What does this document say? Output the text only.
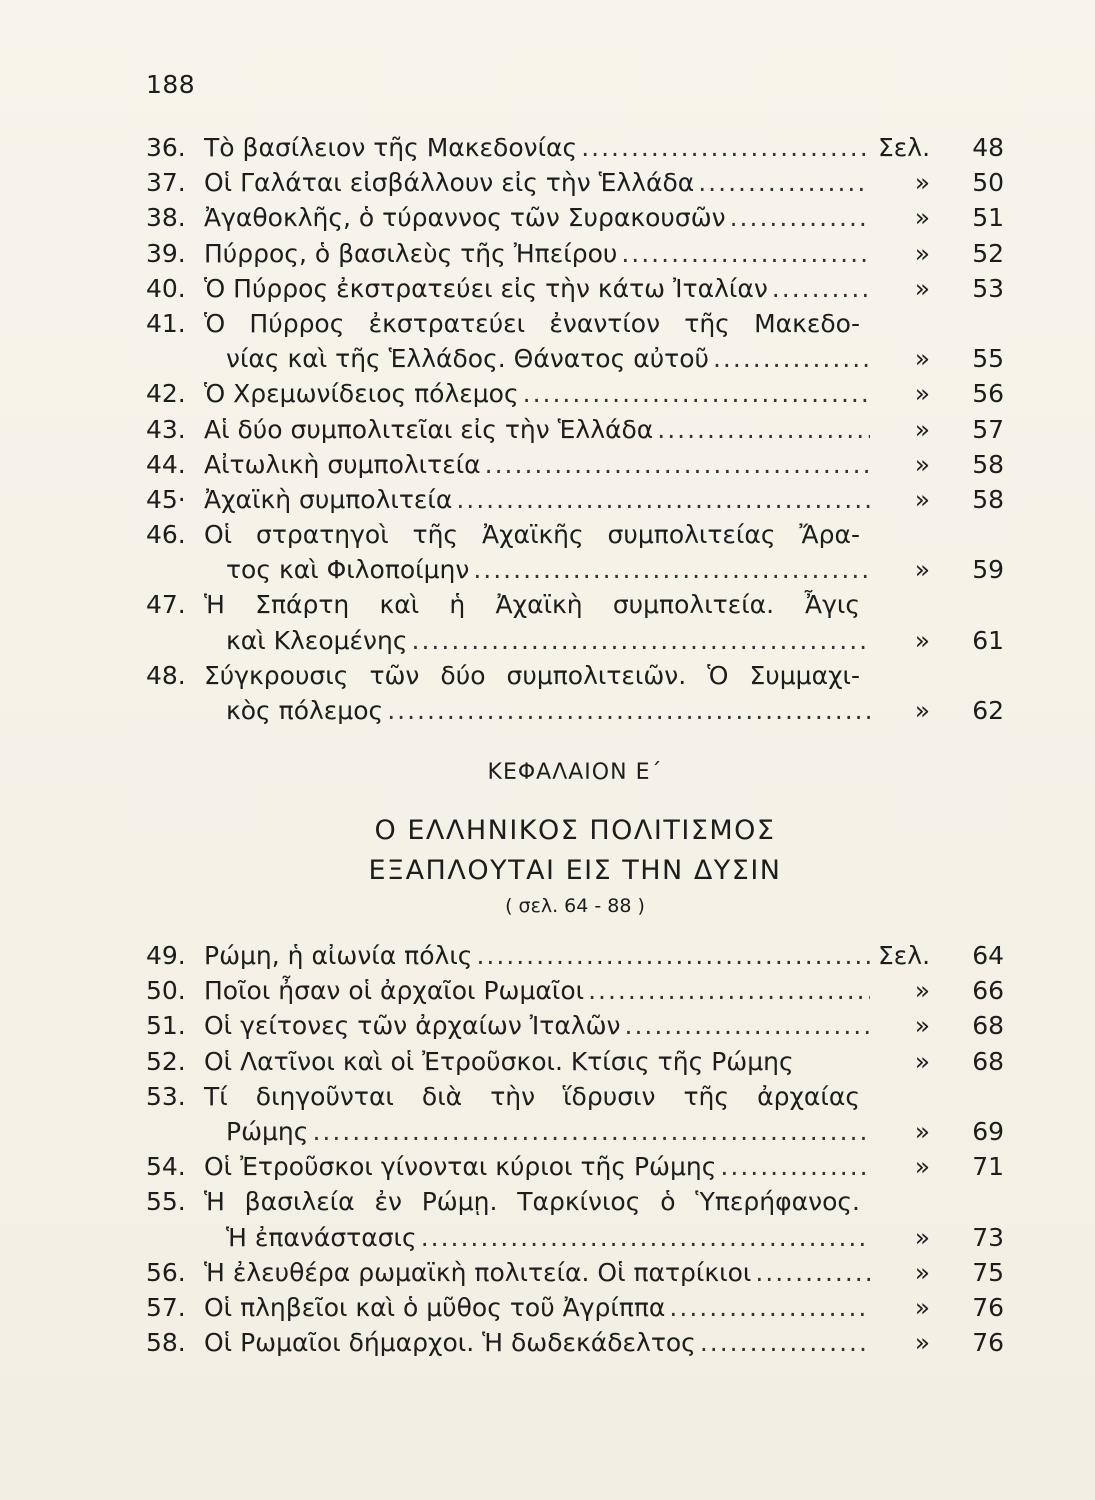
188
36. Τὸ βασίλειον τῆς Μακεδονίας .....	Σελ.	48
37. Οἱ Γαλάται εἰσβάλλουν εἰς τὴν Ἑλλάδα .....	»	50
38. Ἀγαθοκλῆς, ὁ τύραννος τῶν Συρακουσῶν .....	»	51
39. Πύρρος, ὁ βασιλεὺς τῆς Ἠπείρου .....	»	52
40. Ὁ Πύρρος ἐκστρατεύει εἰς τὴν κάτω Ἰταλίαν .....	»	53
41. Ὁ Πύρρος ἐκστρατεύει ἐναντίον τῆς Μακεδο-
νίας καὶ τῆς Ἑλλάδος. Θάνατος αὐτοῦ .....	»	55
42. Ὁ Χρεμωνίδειος πόλεμος .....	»	56
43. Αἱ δύο συμπολιτεῖαι εἰς τὴν Ἑλλάδα .....	»	57
44. Αἰτωλικὴ συμπολιτεία .....	»	58
45· Ἀχαϊκὴ συμπολιτεία .....	»	58
46. Οἱ στρατηγοὶ τῆς Ἀχαϊκῆς συμπολιτείας Ἄρα-
τος καὶ Φιλοποίμην .....	»	59
47. Ἡ Σπάρτη καὶ ἡ Ἀχαϊκὴ συμπολιτεία. Ἆγις
καὶ Κλεομένης .....	»	61
48. Σύγκρουσις τῶν δύο συμπολιτειῶν. Ὁ Συμμαχι-
κὸς πόλεμος .....	»	62
ΚΕΦΑΛΑΙΟΝ Ε΄
Ο ΕΛΛΗΝΙΚΟΣ ΠΟΛΙΤΙΣΜΟΣ
ΕΞΑΠΛΟΥΤΑΙ ΕΙΣ ΤΗΝ ΔΥΣΙΝ
( σελ. 64 - 88 )
49. Ρώμη, ἡ αἰωνία πόλις .....	Σελ.	64
50. Ποῖοι ἦσαν οἱ ἀρχαῖοι Ρωμαῖοι .....	»	66
51. Οἱ γείτονες τῶν ἀρχαίων Ἰταλῶν .....	»	68
52. Οἱ Λατῖνοι καὶ οἱ Ἐτροῦσκοι. Κτίσις τῆς Ρώμης	»	68
53. Τί διηγοῦνται διὰ τὴν ἵδρυσιν τῆς ἀρχαίας
Ρώμης .....	»	69
54. Οἱ Ἐτροῦσκοι γίνονται κύριοι τῆς Ρώμης .....	»	71
55. Ἡ βασιλεία ἐν Ρώμῃ. Ταρκίνιος ὁ Ὑπερήφανος.
Ἡ ἐπανάστασις .....	»	73
56. Ἡ ἐλευθέρα ρωμαϊκὴ πολιτεία. Οἱ πατρίκιοι .....	»	75
57. Οἱ πληβεῖοι καὶ ὁ μῦθος τοῦ Ἀγρίππα .....	»	76
58. Οἱ Ρωμαῖοι δήμαρχοι. Ἡ δωδεκάδελτος .....	»	76
